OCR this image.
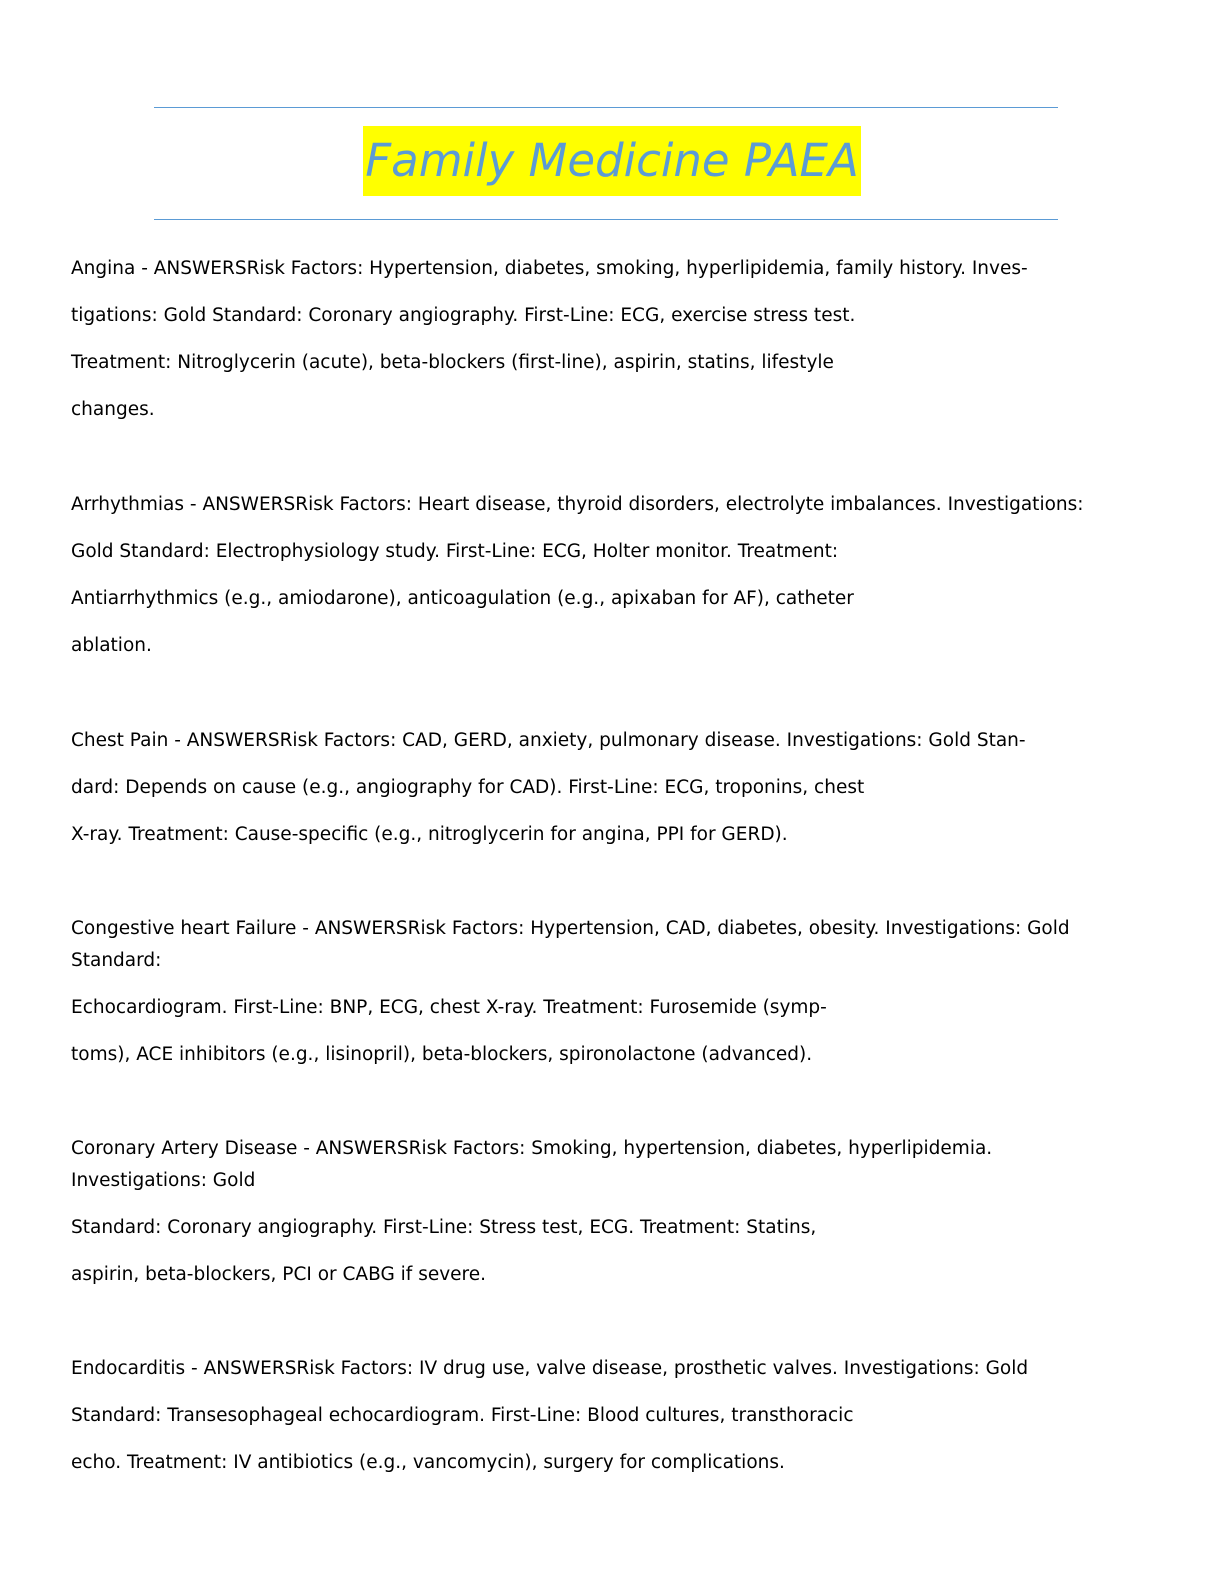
Family Medicine PAEA
Angina - ANSWERSRisk Factors: Hypertension, diabetes, smoking, hyperlipidemia, family history. Inves-
tigations: Gold Standard: Coronary angiography. First-Line: ECG, exercise stress test.
Treatment: Nitroglycerin (acute), beta-blockers (first-line), aspirin, statins, lifestyle
changes.
Arrhythmias - ANSWERSRisk Factors: Heart disease, thyroid disorders, electrolyte imbalances. Investigations:
Gold Standard: Electrophysiology study. First-Line: ECG, Holter monitor. Treatment:
Antiarrhythmics (e.g., amiodarone), anticoagulation (e.g., apixaban for AF), catheter
ablation.
Chest Pain - ANSWERSRisk Factors: CAD, GERD, anxiety, pulmonary disease. Investigations: Gold Stan-
dard: Depends on cause (e.g., angiography for CAD). First-Line: ECG, troponins, chest
X-ray. Treatment: Cause-specific (e.g., nitroglycerin for angina, PPI for GERD).
Congestive heart Failure - ANSWERSRisk Factors: Hypertension, CAD, diabetes, obesity. Investigations: Gold
Standard:
Echocardiogram. First-Line: BNP, ECG, chest X-ray. Treatment: Furosemide (symp-
toms), ACE inhibitors (e.g., lisinopril), beta-blockers, spironolactone (advanced).
Coronary Artery Disease - ANSWERSRisk Factors: Smoking, hypertension, diabetes, hyperlipidemia.
Investigations: Gold
Standard: Coronary angiography. First-Line: Stress test, ECG. Treatment: Statins,
aspirin, beta-blockers, PCI or CABG if severe.
Endocarditis - ANSWERSRisk Factors: IV drug use, valve disease, prosthetic valves. Investigations: Gold
Standard: Transesophageal echocardiogram. First-Line: Blood cultures, transthoracic
echo. Treatment: IV antibiotics (e.g., vancomycin), surgery for complications.
